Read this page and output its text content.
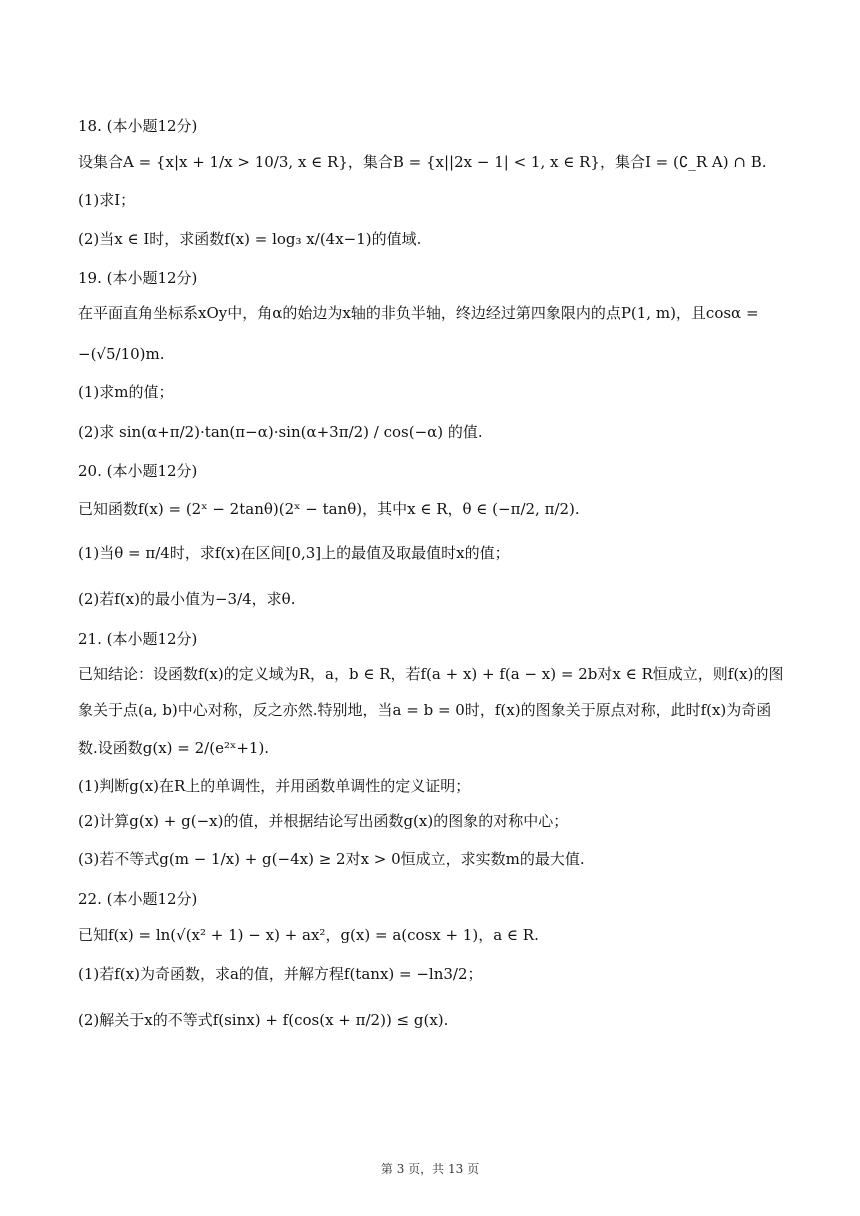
18. (本小题12分)
设集合A = {x|x + 1/x > 10/3, x ∈ R}，集合B = {x||2x − 1| < 1, x ∈ R}，集合I = (∁_R A) ∩ B.
(1)求I；
(2)当x ∈ I时，求函数f(x) = log₃ x/(4x−1)的值域.
19. (本小题12分)
在平面直角坐标系xOy中，角α的始边为x轴的非负半轴，终边经过第四象限内的点P(1, m)，且cosα =
−(√5/10)m.
(1)求m的值；
(2)求 sin(α+π/2)·tan(π−α)·sin(α+3π/2) / cos(−α) 的值.
20. (本小题12分)
已知函数f(x) = (2ˣ − 2tanθ)(2ˣ − tanθ)，其中x ∈ R，θ ∈ (−π/2, π/2).
(1)当θ = π/4时，求f(x)在区间[0,3]上的最值及取最值时x的值；
(2)若f(x)的最小值为−3/4，求θ.
21. (本小题12分)
已知结论：设函数f(x)的定义域为R，a，b ∈ R，若f(a + x) + f(a − x) = 2b对x ∈ R恒成立，则f(x)的图
象关于点(a, b)中心对称，反之亦然.特别地，当a = b = 0时，f(x)的图象关于原点对称，此时f(x)为奇函
数.设函数g(x) = 2/(e²ˣ+1).
(1)判断g(x)在R上的单调性，并用函数单调性的定义证明；
(2)计算g(x) + g(−x)的值，并根据结论写出函数g(x)的图象的对称中心；
(3)若不等式g(m − 1/x) + g(−4x) ≥ 2对x > 0恒成立，求实数m的最大值.
22. (本小题12分)
已知f(x) = ln(√(x² + 1) − x) + ax²，g(x) = a(cosx + 1)，a ∈ R.
(1)若f(x)为奇函数，求a的值，并解方程f(tanx) = −ln3/2；
(2)解关于x的不等式f(sinx) + f(cos(x + π/2)) ≤ g(x).
第 3 页，共 13 页
